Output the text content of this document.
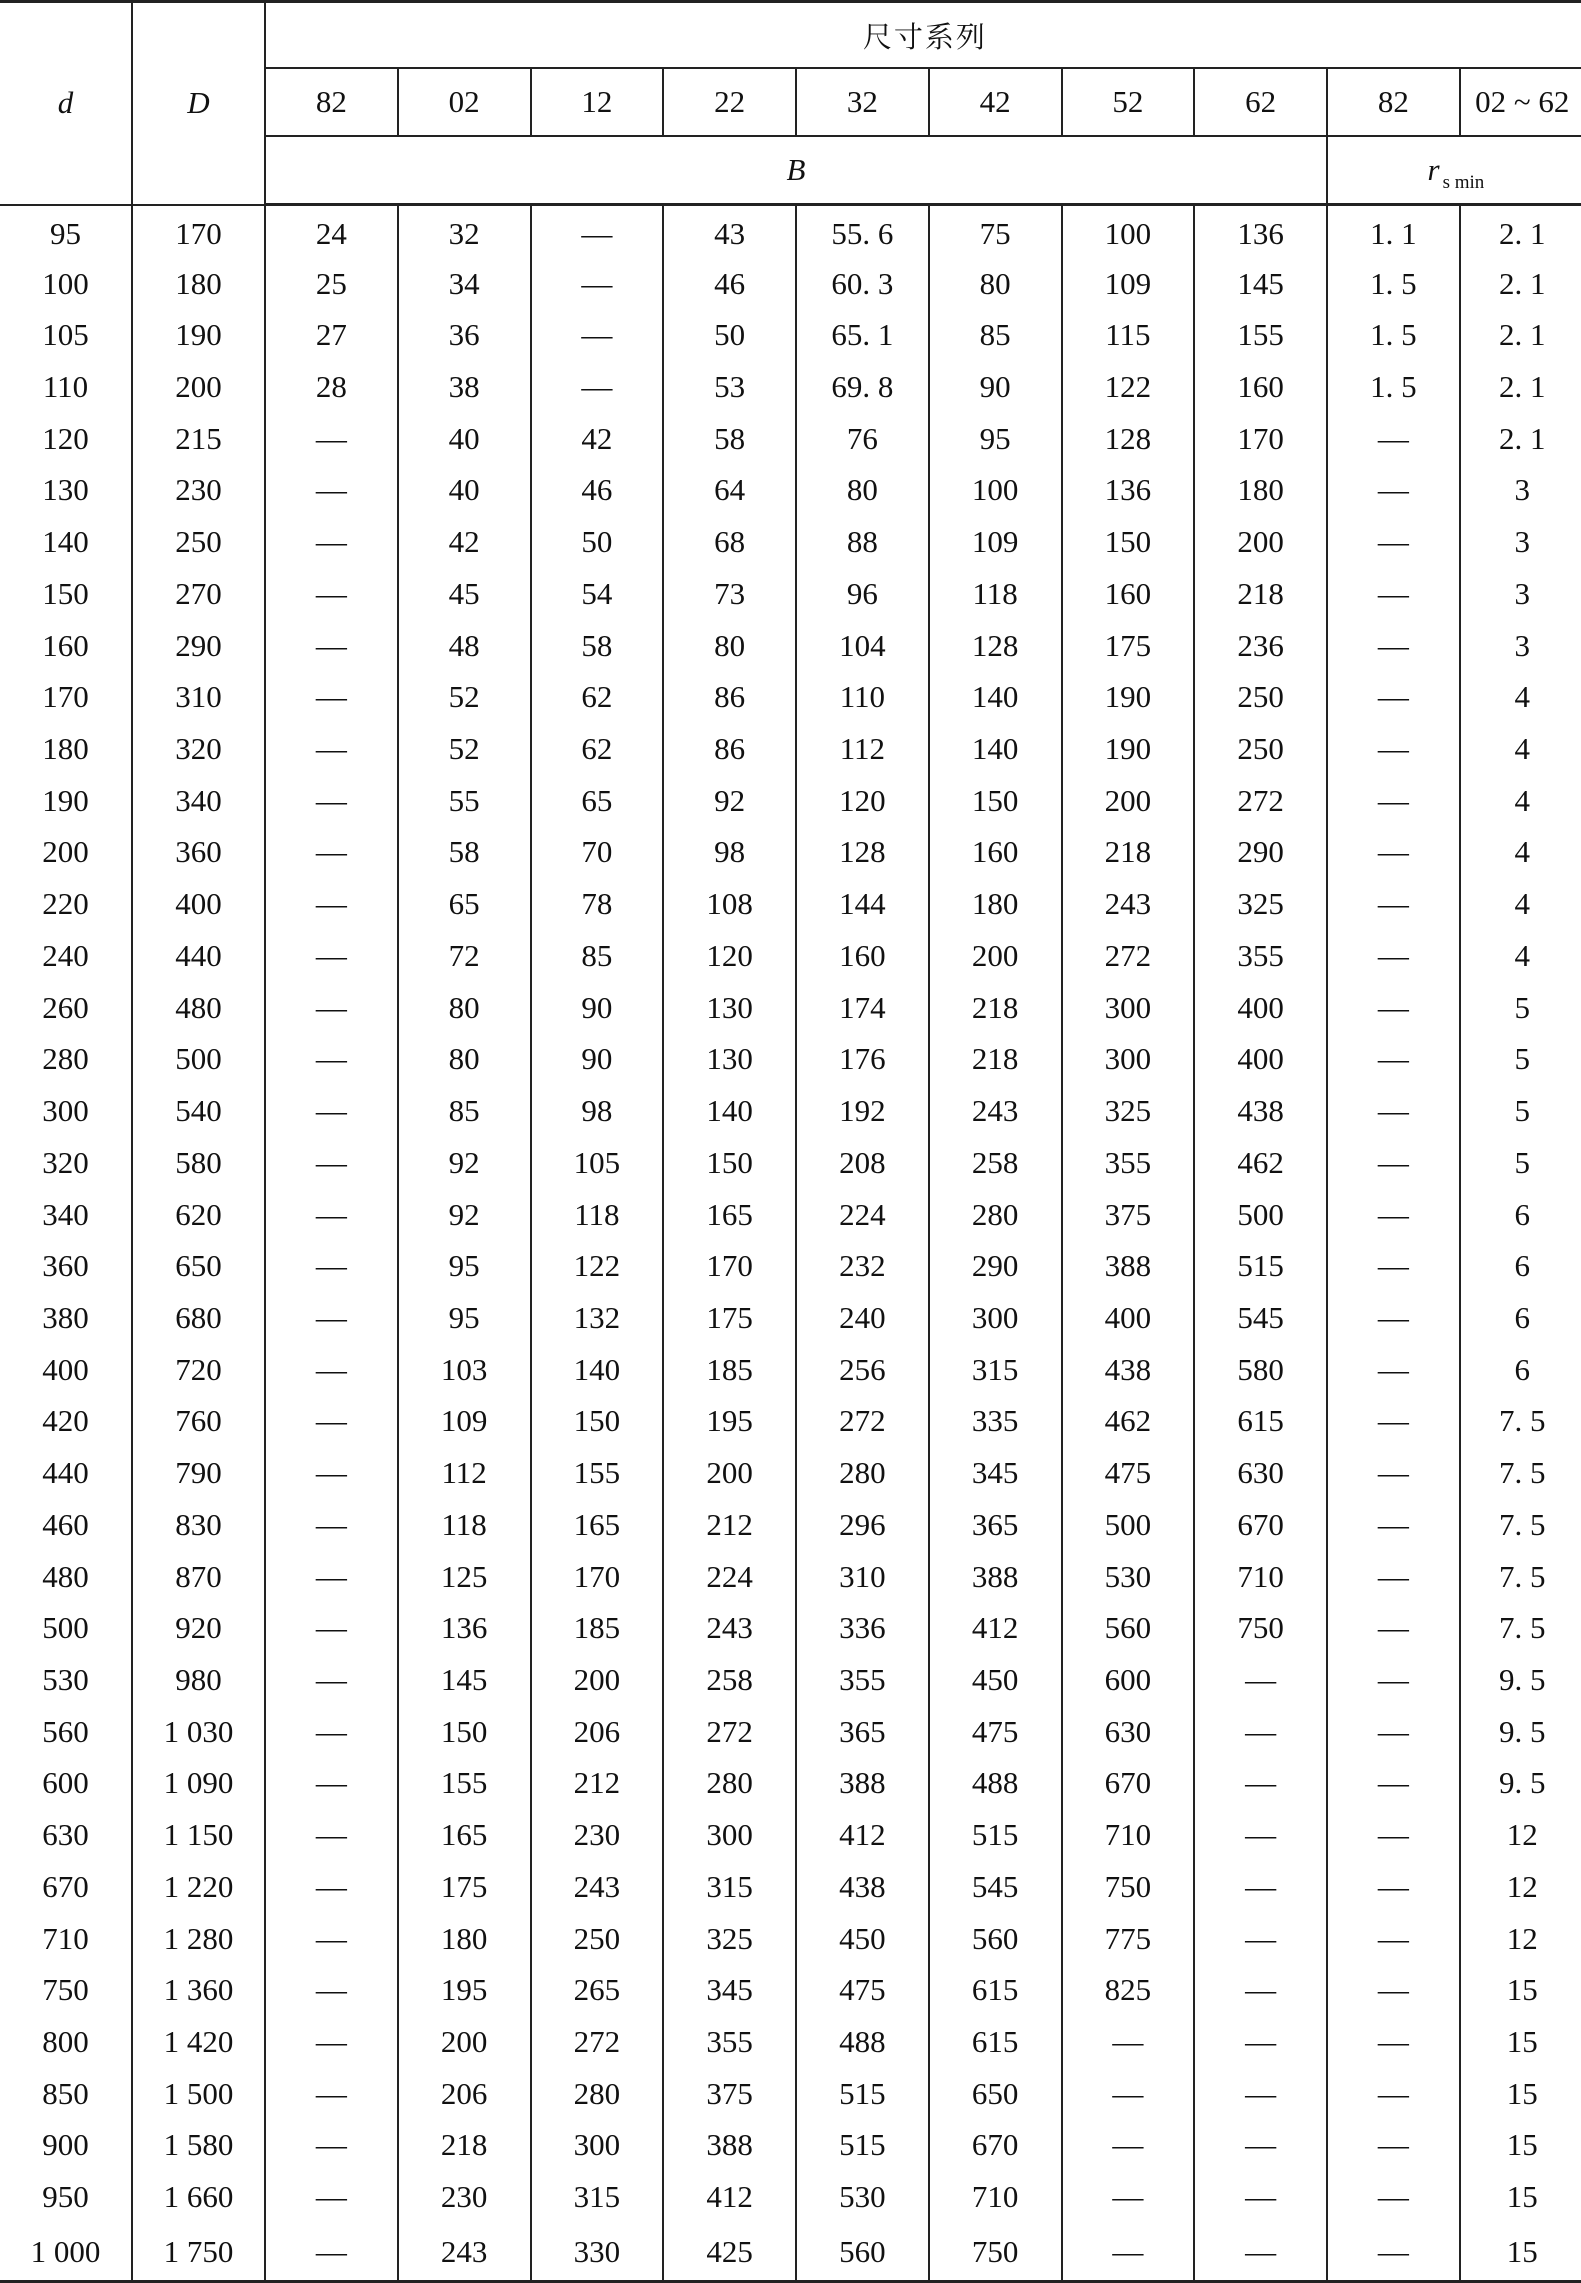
d	D	尺寸系列									
		82	02	12	22	32	42	52	62	82	02 ~ 62
		B								r $_{s min}$
95	170	24	32	—	43	55. 6	75	100	136	1. 1	2. 1
100	180	25	34	—	46	60. 3	80	109	145	1. 5	2. 1
105	190	27	36	—	50	65. 1	85	115	155	1. 5	2. 1
110	200	28	38	—	53	69. 8	90	122	160	1. 5	2. 1
120	215	—	40	42	58	76	95	128	170	—	2. 1
130	230	—	40	46	64	80	100	136	180	—	3
140	250	—	42	50	68	88	109	150	200	—	3
150	270	—	45	54	73	96	118	160	218	—	3
160	290	—	48	58	80	104	128	175	236	—	3
170	310	—	52	62	86	110	140	190	250	—	4
180	320	—	52	62	86	112	140	190	250	—	4
190	340	—	55	65	92	120	150	200	272	—	4
200	360	—	58	70	98	128	160	218	290	—	4
220	400	—	65	78	108	144	180	243	325	—	4
240	440	—	72	85	120	160	200	272	355	—	4
260	480	—	80	90	130	174	218	300	400	—	5
280	500	—	80	90	130	176	218	300	400	—	5
300	540	—	85	98	140	192	243	325	438	—	5
320	580	—	92	105	150	208	258	355	462	—	5
340	620	—	92	118	165	224	280	375	500	—	6
360	650	—	95	122	170	232	290	388	515	—	6
380	680	—	95	132	175	240	300	400	545	—	6
400	720	—	103	140	185	256	315	438	580	—	6
420	760	—	109	150	195	272	335	462	615	—	7. 5
440	790	—	112	155	200	280	345	475	630	—	7. 5
460	830	—	118	165	212	296	365	500	670	—	7. 5
480	870	—	125	170	224	310	388	530	710	—	7. 5
500	920	—	136	185	243	336	412	560	750	—	7. 5
530	980	—	145	200	258	355	450	600	—	—	9. 5
560	1 030	—	150	206	272	365	475	630	—	—	9. 5
600	1 090	—	155	212	280	388	488	670	—	—	9. 5
630	1 150	—	165	230	300	412	515	710	—	—	12
670	1 220	—	175	243	315	438	545	750	—	—	12
710	1 280	—	180	250	325	450	560	775	—	—	12
750	1 360	—	195	265	345	475	615	825	—	—	15
800	1 420	—	200	272	355	488	615	—	—	—	15
850	1 500	—	206	280	375	515	650	—	—	—	15
900	1 580	—	218	300	388	515	670	—	—	—	15
950	1 660	—	230	315	412	530	710	—	—	—	15
1 000	1 750	—	243	330	425	560	750	—	—	—	15
